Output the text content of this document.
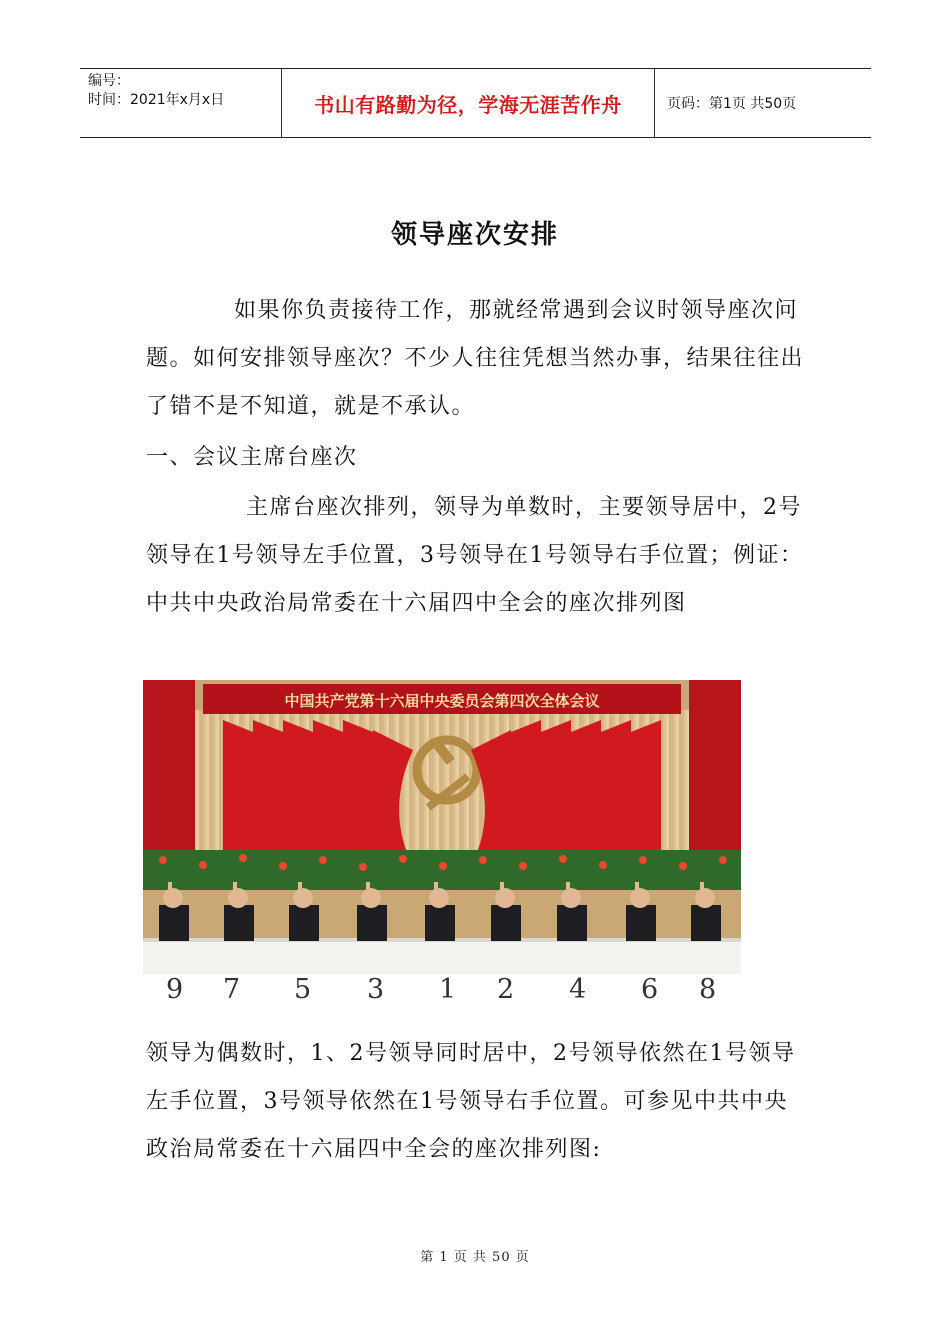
编号：
时间：2021年x月x日	书山有路勤为径，学海无涯苦作舟	页码：第1页 共50页
领导座次安排

如果你负责接待工作，那就经常遇到会议时领导座次问题。如何安排领导座次？不少人往往凭想当然办事，结果往往出了错不是不知道，就是不承认。

一、会议主席台座次

主席台座次排列，领导为单数时，主要领导居中，2号领导在1号领导左手位置，3号领导在1号领导右手位置；例证：中共中央政治局常委在十六届四中全会的座次排列图

中国共产党第十六届中央委员会第四次全体会议
9 7 5 3 1 2 4 6 8

领导为偶数时，1、2号领导同时居中，2号领导依然在1号领导左手位置，3号领导依然在1号领导右手位置。可参见中共中央政治局常委在十六届四中全会的座次排列图:

第 1 页 共 50 页
